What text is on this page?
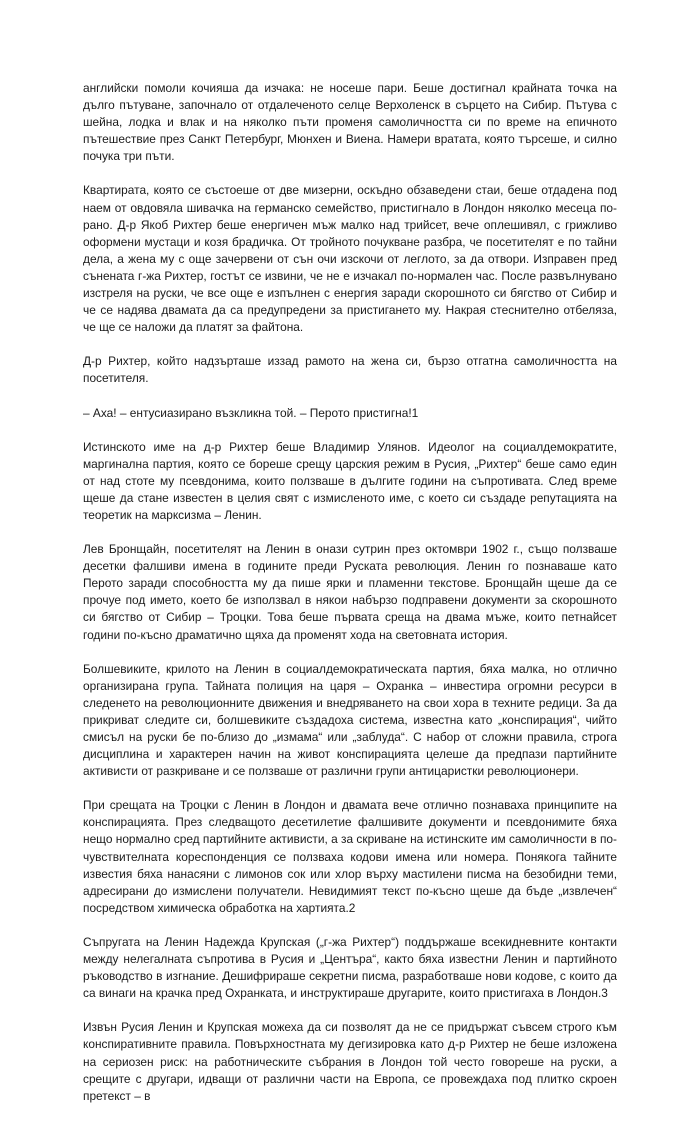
английски помоли кочияша да изчака: не носеше пари. Беше достигнал крайната точка на дълго пътуване, започнало от отдалеченото селце Верхоленск в сърцето на Сибир. Пътува с шейна, лодка и влак и на няколко пъти променя самоличността си по време на епичното пътешествие през Санкт Петербург, Мюнхен и Виена. Намери вратата, която търсеше, и силно почука три пъти.

Квартирата, която се състоеше от две мизерни, оскъдно обзаведени стаи, беше отдадена под наем от овдовяла шивачка на германско семейство, пристигнало в Лондон няколко месеца по-рано. Д-р Якоб Рихтер беше енергичен мъж малко над трийсет, вече оплешивял, с грижливо оформени мустаци и козя брадичка. От тройното почукване разбра, че посетителят е по тайни дела, а жена му с още зачервени от сън очи изскочи от леглото, за да отвори. Изправен пред сънената г-жа Рихтер, гостът се извини, че не е изчакал по-нормален час. После развълнувано изстреля на руски, че все още е изпълнен с енергия заради скорошното си бягство от Сибир и че се надява двамата да са предупредени за пристигането му. Накрая стеснително отбеляза, че ще се наложи да платят за файтона.

Д-р Рихтер, който надзърташе иззад рамото на жена си, бързо отгатна самоличността на посетителя.

– Аха! – ентусиазирано възкликна той. – Перото пристигна!1

Истинското име на д-р Рихтер беше Владимир Улянов. Идеолог на социалдемократите, маргинална партия, която се бореше срещу царския режим в Русия, „Рихтер“ беше само един от над стоте му псевдонима, които ползваше в дългите години на съпротивата. След време щеше да стане известен в целия свят с измисленото име, с което си създаде репутацията на теоретик на марксизма – Ленин.

Лев Бронщайн, посетителят на Ленин в онази сутрин през октомври 1902 г., също ползваше десетки фалшиви имена в годините преди Руската революция. Ленин го познаваше като Перото заради способността му да пише ярки и пламенни текстове. Бронщайн щеше да се прочуе под името, което бе използвал в някои набързо подправени документи за скорошното си бягство от Сибир – Троцки. Това беше първата среща на двама мъже, които петнайсет години по-късно драматично щяха да променят хода на световната история.

Болшевиките, крилото на Ленин в социалдемократическата партия, бяха малка, но отлично организирана група. Тайната полиция на царя – Охранка – инвестира огромни ресурси в следенето на революционните движения и внедряването на свои хора в техните редици. За да прикриват следите си, болшевиките създадоха система, известна като „конспирация“, чийто смисъл на руски бе по-близо до „измама“ или „заблуда“. С набор от сложни правила, строга дисциплина и характерен начин на живот конспирацията целеше да предпази партийните активисти от разкриване и се ползваше от различни групи антицаристки революционери.

При срещата на Троцки с Ленин в Лондон и двамата вече отлично познаваха принципите на конспирацията. През следващото десетилетие фалшивите документи и псевдонимите бяха нещо нормално сред партийните активисти, а за скриване на истинските им самоличности в по-чувствителната кореспонденция се ползваха кодови имена или номера. Понякога тайните известия бяха нанасяни с лимонов сок или хлор върху мастилени писма на безобидни теми, адресирани до измислени получатели. Невидимият текст по-късно щеше да бъде „извлечен“ посредством химическа обработка на хартията.2

Съпругата на Ленин Надежда Крупская („г-жа Рихтер“) поддържаше всекидневните контакти между нелегалната съпротива в Русия и „Центъра“, както бяха известни Ленин и партийното ръководство в изгнание. Дешифрираше секретни писма, разработваше нови кодове, с които да са винаги на крачка пред Охранката, и инструктираше другарите, които пристигаха в Лондон.3

Извън Русия Ленин и Крупская можеха да си позволят да не се придържат съвсем строго към конспиративните правила. Повърхностната му дегизировка като д-р Рихтер не беше изложена на сериозен риск: на работническите събрания в Лондон той често говореше на руски, а срещите с другари, идващи от различни части на Европа, се провеждаха под плитко скроен претекст – в
